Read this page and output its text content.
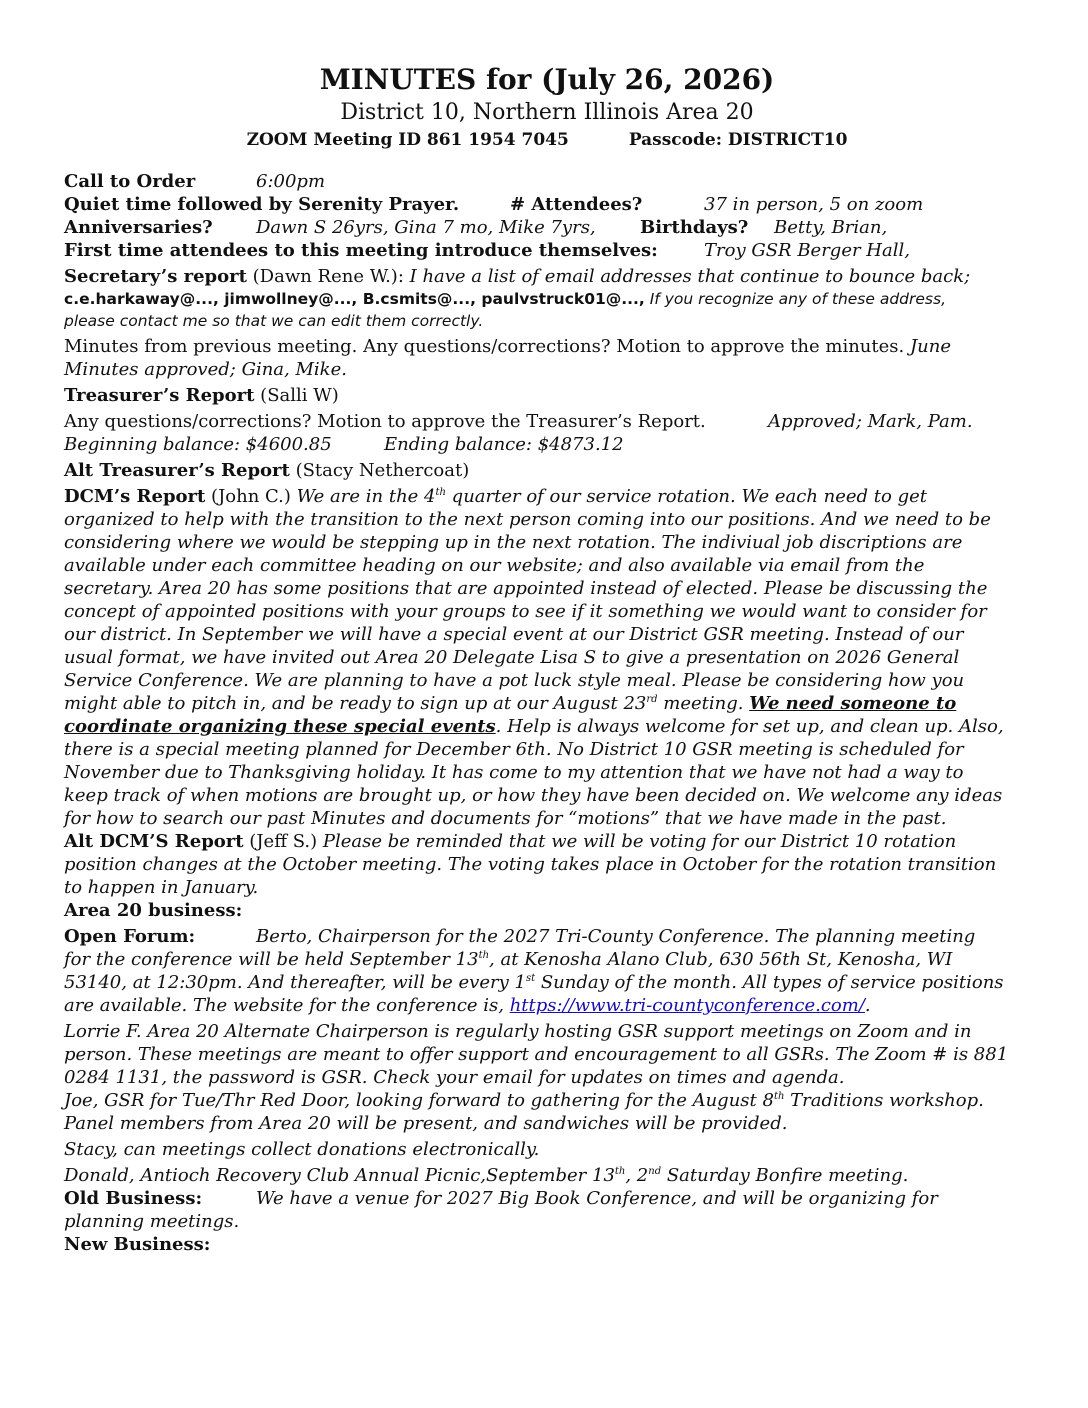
MINUTES for (July 26, 2026)
District 10, Northern Illinois Area 20
ZOOM Meeting ID 861 1954 7045	Passcode: DISTRICT10
Call to Order	6:00pm
Quiet time followed by Serenity Prayer.	# Attendees?	37 in person, 5 on zoom
Anniversaries? Dawn S 26yrs, Gina 7 mo, Mike 7yrs, Birthdays? Betty, Brian,
First time attendees to this meeting introduce themselves:	Troy GSR Berger Hall,
Secretary’s report (Dawn Rene W.): I have a list of email addresses that continue to bounce back;
c.e.harkaway@..., jimwollney@..., B.csmits@..., paulvstruck01@..., If you recognize any of these address,
please contact me so that we can edit them correctly.
Minutes from previous meeting. Any questions/corrections? Motion to approve the minutes. June
Minutes approved; Gina, Mike.
Treasurer’s Report (Salli W)
Any questions/corrections? Motion to approve the Treasurer’s Report.	Approved; Mark, Pam.
Beginning balance: $4600.85	Ending balance: $4873.12
Alt Treasurer’s Report (Stacy Nethercoat)
DCM’s Report (John C.) We are in the 4th quarter of our service rotation. We each need to get
organized to help with the transition to the next person coming into our positions. And we need to be
considering where we would be stepping up in the next rotation. The indiviual job discriptions are
available under each committee heading on our website; and also available via email from the
secretary. Area 20 has some positions that are appointed instead of elected. Please be discussing the
concept of appointed positions with your groups to see if it something we would want to consider for
our district. In September we will have a special event at our District GSR meeting. Instead of our
usual format, we have invited out Area 20 Delegate Lisa S to give a presentation on 2026 General
Service Conference. We are planning to have a pot luck style meal. Please be considering how you
might able to pitch in, and be ready to sign up at our August 23rd meeting. We need someone to
coordinate organizing these special events. Help is always welcome for set up, and clean up. Also,
there is a special meeting planned for December 6th. No District 10 GSR meeting is scheduled for
November due to Thanksgiving holiday. It has come to my attention that we have not had a way to
keep track of when motions are brought up, or how they have been decided on. We welcome any ideas
for how to search our past Minutes and documents for “motions” that we have made in the past.
Alt DCM’S Report (Jeff S.) Please be reminded that we will be voting for our District 10 rotation
position changes at the October meeting. The voting takes place in October for the rotation transition
to happen in January.
Area 20 business:
Open Forum:	Berto, Chairperson for the 2027 Tri-County Conference. The planning meeting
for the conference will be held September 13th, at Kenosha Alano Club, 630 56th St, Kenosha, WI
53140, at 12:30pm. And thereafter, will be every 1st Sunday of the month. All types of service positions
are available. The website for the conference is, https://www.tri-countyconference.com/.
Lorrie F. Area 20 Alternate Chairperson is regularly hosting GSR support meetings on Zoom and in
person. These meetings are meant to offer support and encouragement to all GSRs. The Zoom # is 881
0284 1131, the password is GSR. Check your email for updates on times and agenda.
Joe, GSR for Tue/Thr Red Door, looking forward to gathering for the August 8th Traditions workshop.
Panel members from Area 20 will be present, and sandwiches will be provided.
Stacy, can meetings collect donations electronically.
Donald, Antioch Recovery Club Annual Picnic,September 13th, 2nd Saturday Bonfire meeting.
Old Business:	We have a venue for 2027 Big Book Conference, and will be organizing for
planning meetings.
New Business:
